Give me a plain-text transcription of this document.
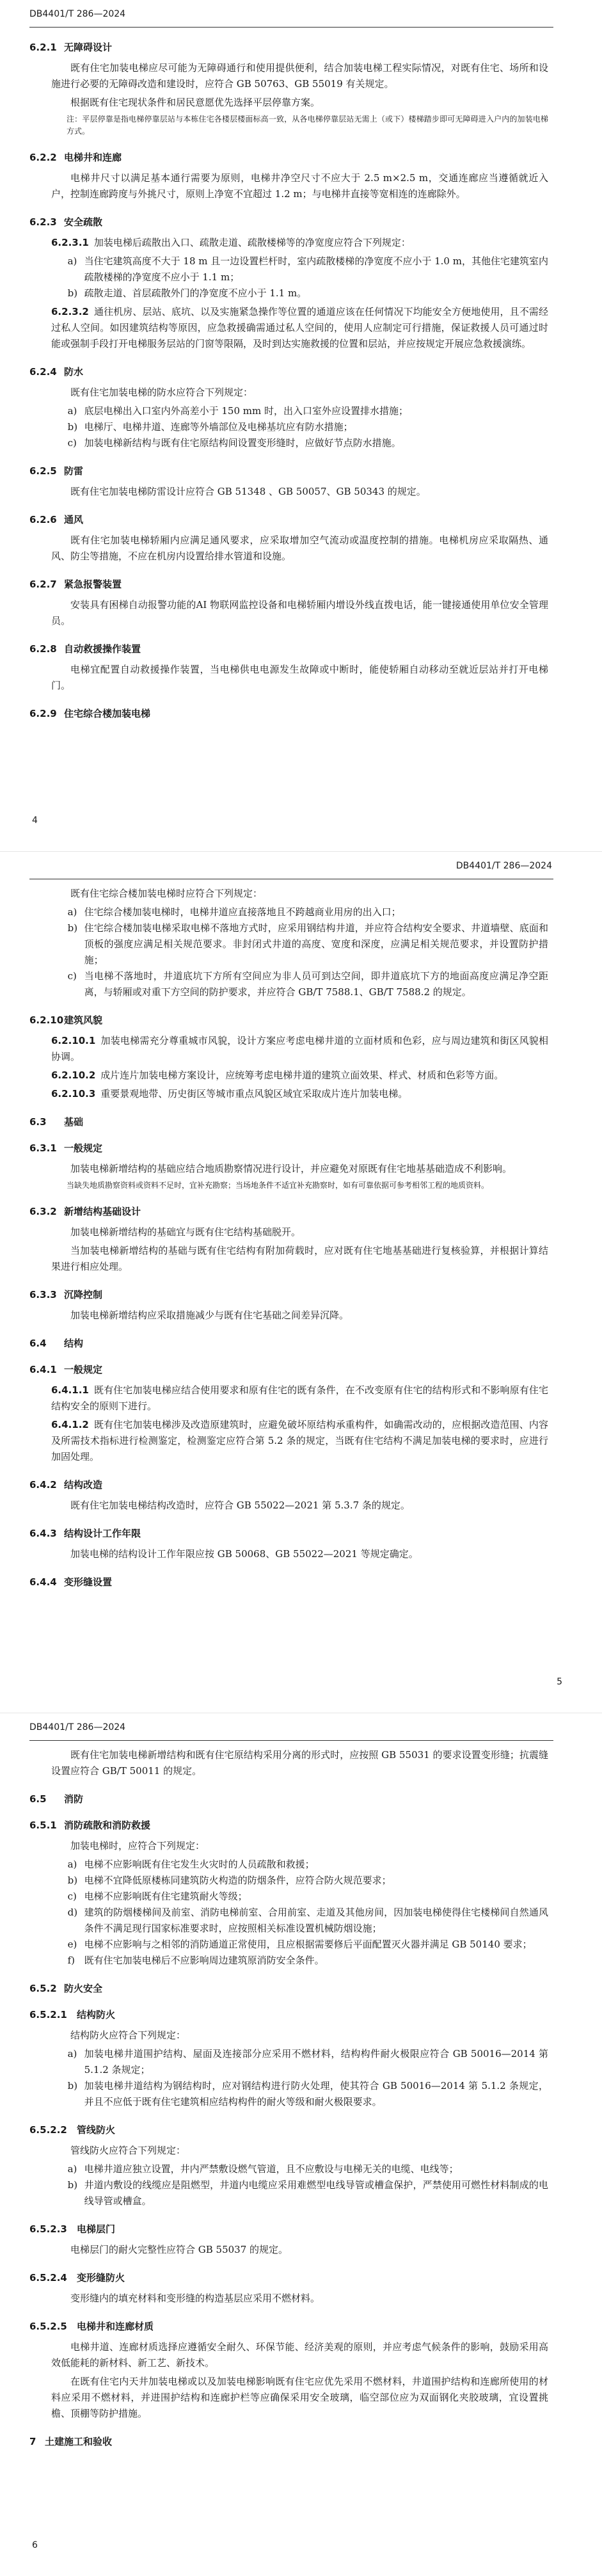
DB4401/T 286—2024
6.2.1 无障碍设计

既有住宅加装电梯应尽可能为无障碍通行和使用提供便利，结合加装电梯工程实际情况，对既有住宅、场所和设施进行必要的无障碍改造和建设时，应符合 GB 50763、GB 55019 有关规定。

根据既有住宅现状条件和居民意愿优先选择平层停靠方案。

注：平层停靠是指电梯停靠层站与本栋住宅各楼层楼面标高一致，从各电梯停靠层站无需上（或下）楼梯踏步即可无障碍进入户内的加装电梯方式。
6.2.2 电梯井和连廊

电梯井尺寸以满足基本通行需要为原则，电梯井净空尺寸不应大于 2.5 m×2.5 m，交通连廊应当遵循就近入户，控制连廊跨度与外挑尺寸，原则上净宽不宜超过 1.2 m；与电梯井直接等宽相连的连廊除外。

6.2.3 安全疏散

6.2.3.1 加装电梯后疏散出入口、疏散走道、疏散楼梯等的净宽度应符合下列规定：

a) 当住宅建筑高度不大于 18 m 且一边设置栏杆时，室内疏散楼梯的净宽度不应小于 1.0 m，其他住宅建筑室内疏散楼梯的净宽度不应小于 1.1 m；
b) 疏散走道、首层疏散外门的净宽度不应小于 1.1 m。

6.2.3.2 通往机房、层站、底坑、以及实施紧急操作等位置的通道应该在任何情况下均能安全方便地使用，且不需经过私人空间。如因建筑结构等原因，应急救援确需通过私人空间的，使用人应制定可行措施，保证救援人员可通过时能或强制手段打开电梯服务层站的门窗等限隔，及时到达实施救援的位置和层站，并应按规定开展应急救援演练。

6.2.4 防水

既有住宅加装电梯的防水应符合下列规定：

a) 底层电梯出入口室内外高差小于 150 mm 时，出入口室外应设置排水措施；
b) 电梯厅、电梯井道、连廊等外墙部位及电梯基坑应有防水措施；
c) 加装电梯新结构与既有住宅原结构间设置变形缝时，应做好节点防水措施。
6.2.5 防雷

既有住宅加装电梯防雷设计应符合 GB 51348 、GB 50057、GB 50343 的规定。

6.2.6 通风

既有住宅加装电梯轿厢内应满足通风要求，应采取增加空气流动或温度控制的措施。电梯机房应采取隔热、通风、防尘等措施，不应在机房内设置给排水管道和设施。

6.2.7 紧急报警装置

安装具有困梯自动报警功能的AI 物联网监控设备和电梯轿厢内增设外线直拨电话，能一键接通使用单位安全管理员。

6.2.8 自动救援操作装置

电梯宜配置自动救援操作装置，当电梯供电电源发生故障或中断时，能使轿厢自动移动至就近层站并打开电梯门。

6.2.9 住宅综合楼加装电梯
4
DB4401/T 286—2024

既有住宅综合楼加装电梯时应符合下列规定：

a) 住宅综合楼加装电梯时，电梯井道应直接落地且不跨越商业用房的出入口；
b) 住宅综合楼加装电梯采取电梯不落地方式时，应采用钢结构井道，并应符合结构安全要求、井道墙壁、底面和顶板的强度应满足相关规范要求。非封闭式井道的高度、宽度和深度，应满足相关规范要求，并设置防护措施；
c) 当电梯不落地时，井道底坑下方所有空间应为非人员可到达空间，即井道底坑下方的地面高度应满足净空距离，与轿厢或对重下方空间的防护要求，并应符合 GB/T 7588.1、GB/T 7588.2 的规定。
6.2.10建筑风貌

6.2.10.1 加装电梯需充分尊重城市风貌，设计方案应考虑电梯井道的立面材质和色彩，应与周边建筑和街区风貌相协调。

6.2.10.2 成片连片加装电梯方案设计，应统筹考虑电梯井道的建筑立面效果、样式、材质和色彩等方面。

6.2.10.3 重要景观地带、历史街区等城市重点风貌区域宜采取成片连片加装电梯。

6.3 基础
6.3.1 一般规定

加装电梯新增结构的基础应结合地质勘察情况进行设计，并应避免对原既有住宅地基基础造成不利影响。

当缺失地质勘察资料或资料不足时，宜补充勘察；当场地条件不适宜补充勘察时，如有可靠依据可参考相邻工程的地质资料。
6.3.2 新增结构基础设计

加装电梯新增结构的基础宜与既有住宅结构基础脱开。

当加装电梯新增结构的基础与既有住宅结构有附加荷载时，应对既有住宅地基基础进行复核验算，并根据计算结果进行相应处理。

6.3.3 沉降控制

加装电梯新增结构应采取措施减少与既有住宅基础之间差异沉降。

6.4 结构
6.4.1 一般规定

6.4.1.1 既有住宅加装电梯应结合使用要求和原有住宅的既有条件，在不改变原有住宅的结构形式和不影响原有住宅结构安全的原则下进行。

6.4.1.2 既有住宅加装电梯涉及改造原建筑时，应避免破坏原结构承重构件，如确需改动的，应根据改造范围、内容及所需技术指标进行检测鉴定，检测鉴定应符合第 5.2 条的规定，当既有住宅结构不满足加装电梯的要求时，应进行加固处理。

6.4.2 结构改造

既有住宅加装电梯结构改造时，应符合 GB 55022—2021 第 5.3.7 条的规定。

6.4.3 结构设计工作年限

加装电梯的结构设计工作年限应按 GB 50068、GB 55022—2021 等规定确定。

6.4.4 变形缝设置
5
DB4401/T 286—2024

既有住宅加装电梯新增结构和既有住宅原结构采用分离的形式时，应按照 GB 55031 的要求设置变形缝；抗震缝设置应符合 GB/T 50011 的规定。

6.5 消防
6.5.1 消防疏散和消防救援

加装电梯时，应符合下列规定：

a) 电梯不应影响既有住宅发生火灾时的人员疏散和救援；
b) 电梯不宜降低原楼栋同建筑防火构造的防烟条件，应符合防火规范要求；
c) 电梯不应影响既有住宅建筑耐火等级；
d) 建筑的防烟楼梯间及前室、消防电梯前室、合用前室、走道及其他房间，因加装电梯使得住宅楼梯间自然通风条件不满足现行国家标准要求时，应按照相关标准设置机械防烟设施；
e) 电梯不应影响与之相邻的消防通道正常使用，且应根据需要修后平面配置灭火器并满足 GB 50140 要求；
f) 既有住宅加装电梯后不应影响周边建筑原消防安全条件。
6.5.2 防火安全
6.5.2.1 结构防火

结构防火应符合下列规定：

a) 加装电梯井道围护结构、屋面及连接部分应采用不燃材料，结构构件耐火极限应符合 GB 50016—2014 第 5.1.2 条规定；
b) 加装电梯井道结构为钢结构时，应对钢结构进行防火处理，使其符合 GB 50016—2014 第 5.1.2 条规定，并且不应低于既有住宅建筑相应结构构件的耐火等级和耐火极限要求。
6.5.2.2 管线防火

管线防火应符合下列规定：

a) 电梯井道应独立设置，井内严禁敷设燃气管道，且不应敷设与电梯无关的电缆、电线等；
b) 井道内敷设的线缆应是阻燃型，井道内电缆应采用难燃型电线导管或槽盒保护，严禁使用可燃性材料制成的电线导管或槽盒。
6.5.2.3 电梯层门

电梯层门的耐火完整性应符合 GB 55037 的规定。

6.5.2.4 变形缝防火

变形缝内的填充材料和变形缝的构造基层应采用不燃材料。

6.5.2.5 电梯井和连廊材质

电梯井道、连廊材质选择应遵循安全耐久、环保节能、经济美观的原则，并应考虑气候条件的影响，鼓励采用高效低能耗的新材料、新工艺、新技术。

在既有住宅内天井加装电梯或以及加装电梯影响既有住宅应优先采用不燃材料，井道围护结构和连廊所使用的材料应采用不燃材料，并进围护结构和连廊护栏等应确保采用安全玻璃，临空部位应为双面钢化夹胶玻璃，宜设置挑檐、顶棚等防护措施。

7 土建施工和验收
6
